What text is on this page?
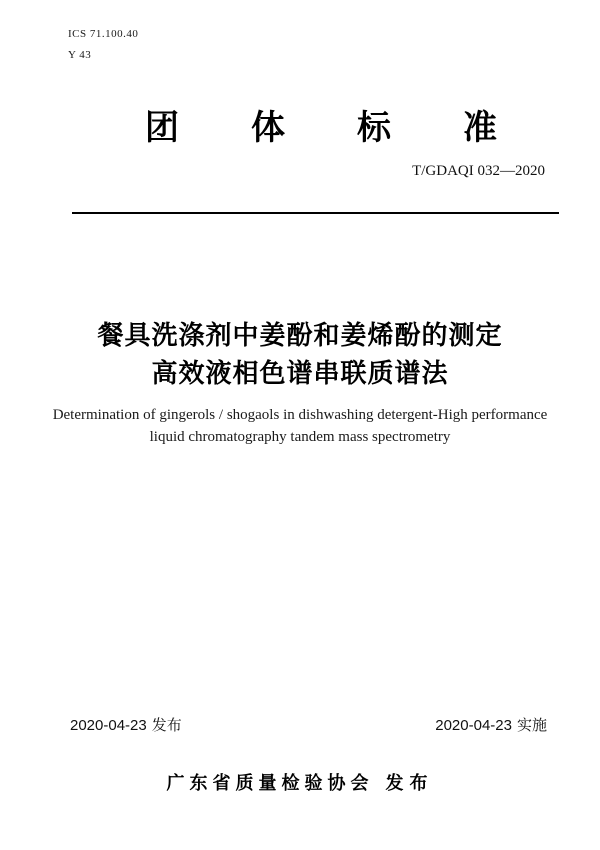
ICS 71.100.40
Y 43
团体标准
T/GDAQI 032—2020
餐具洗涤剂中姜酚和姜烯酚的测定
高效液相色谱串联质谱法
Determination of gingerols / shogaols in dishwashing detergent-High performance
liquid chromatography tandem mass spectrometry
2020-04-23 发布	2020-04-23 实施
广东省质量检验协会 发布
